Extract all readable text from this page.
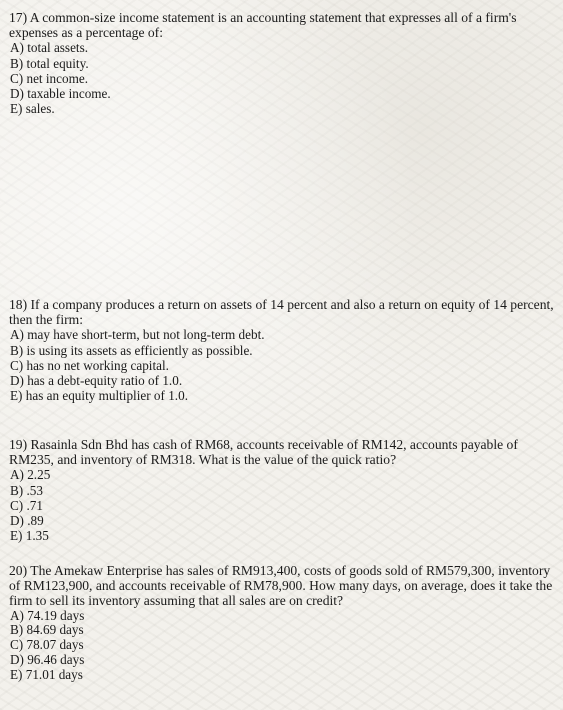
17) A common-size income statement is an accounting statement that expresses all of a firm's expenses as a percentage of:

A) total assets.
B) total equity.
C) net income.
D) taxable income.
E) sales.

18) If a company produces a return on assets of 14 percent and also a return on equity of 14 percent, then the firm:

A) may have short-term, but not long-term debt.
B) is using its assets as efficiently as possible.
C) has no net working capital.
D) has a debt-equity ratio of 1.0.
E) has an equity multiplier of 1.0.

19) Rasainla Sdn Bhd has cash of RM68, accounts receivable of RM142, accounts payable of RM235, and inventory of RM318. What is the value of the quick ratio?

A) 2.25
B) .53
C) .71
D) .89
E) 1.35

20) The Amekaw Enterprise has sales of RM913,400, costs of goods sold of RM579,300, inventory of RM123,900, and accounts receivable of RM78,900. How many days, on average, does it take the firm to sell its inventory assuming that all sales are on credit?

A) 74.19 days
B) 84.69 days
C) 78.07 days
D) 96.46 days
E) 71.01 days
